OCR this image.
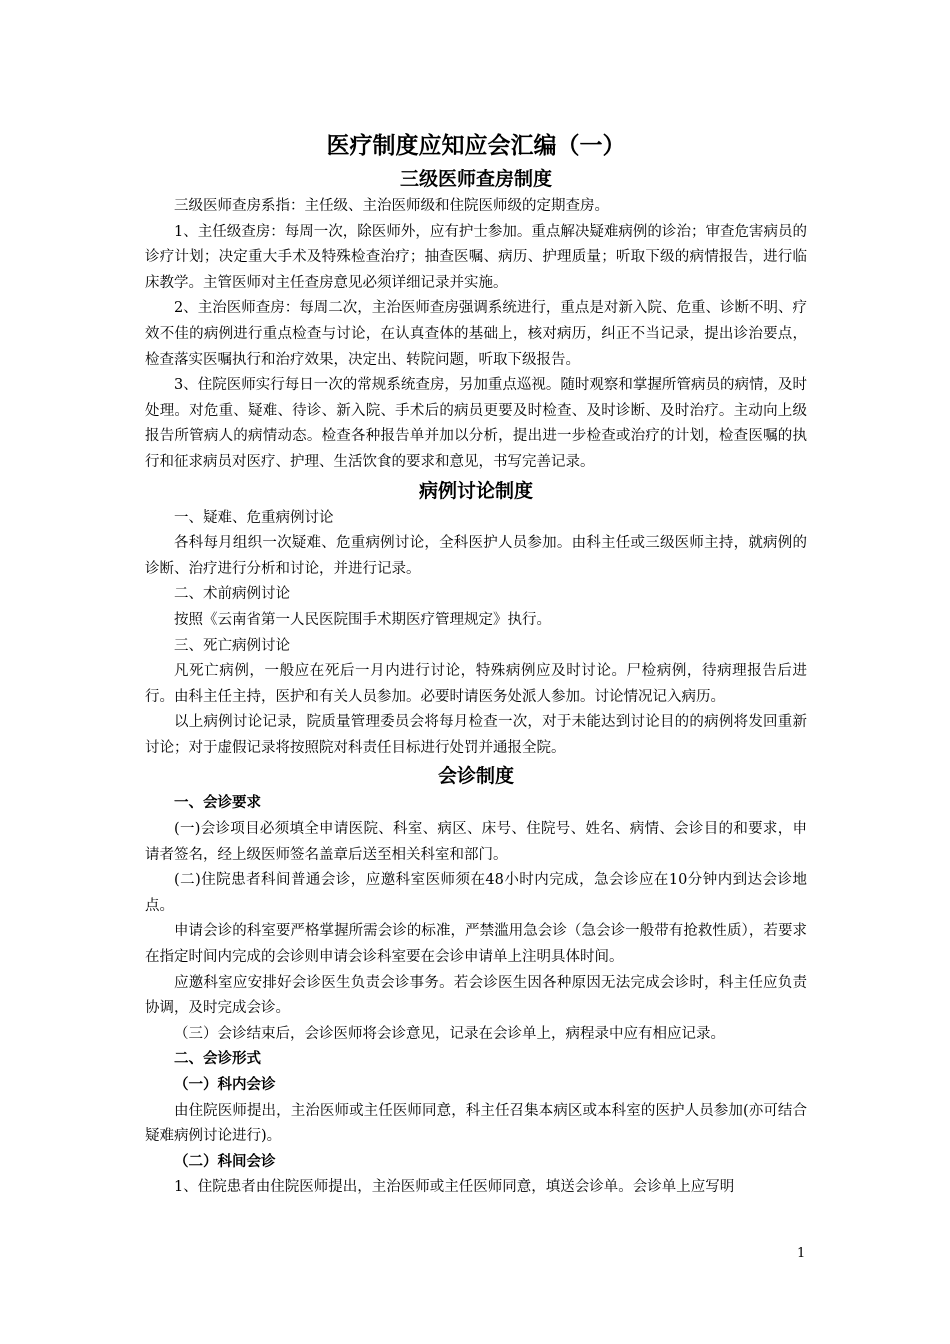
医疗制度应知应会汇编（一）
三级医师查房制度

三级医师查房系指：主任级、主治医师级和住院医师级的定期查房。

1、主任级查房：每周一次，除医师外，应有护士参加。重点解决疑难病例的诊治；审查危害病员的诊疗计划；决定重大手术及特殊检查治疗；抽查医嘱、病历、护理质量；听取下级的病情报告，进行临床教学。主管医师对主任查房意见必须详细记录并实施。

2、主治医师查房：每周二次，主治医师查房强调系统进行，重点是对新入院、危重、诊断不明、疗效不佳的病例进行重点检查与讨论，在认真查体的基础上，核对病历，纠正不当记录，提出诊治要点，检查落实医嘱执行和治疗效果，决定出、转院问题，听取下级报告。

3、住院医师实行每日一次的常规系统查房，另加重点巡视。随时观察和掌握所管病员的病情，及时处理。对危重、疑难、待诊、新入院、手术后的病员更要及时检查、及时诊断、及时治疗。主动向上级报告所管病人的病情动态。检查各种报告单并加以分析，提出进一步检查或治疗的计划，检查医嘱的执行和征求病员对医疗、护理、生活饮食的要求和意见，书写完善记录。

病例讨论制度

一、疑难、危重病例讨论

各科每月组织一次疑难、危重病例讨论，全科医护人员参加。由科主任或三级医师主持，就病例的诊断、治疗进行分析和讨论，并进行记录。

二、术前病例讨论

按照《云南省第一人民医院围手术期医疗管理规定》执行。

三、死亡病例讨论

凡死亡病例，一般应在死后一月内进行讨论，特殊病例应及时讨论。尸检病例，待病理报告后进行。由科主任主持，医护和有关人员参加。必要时请医务处派人参加。讨论情况记入病历。

以上病例讨论记录，院质量管理委员会将每月检查一次，对于未能达到讨论目的的病例将发回重新讨论；对于虚假记录将按照院对科责任目标进行处罚并通报全院。

会诊制度
一、会诊要求

(一)会诊项目必须填全申请医院、科室、病区、床号、住院号、姓名、病情、会诊目的和要求，申请者签名，经上级医师签名盖章后送至相关科室和部门。

(二)住院患者科间普通会诊，应邀科室医师须在48小时内完成，急会诊应在10分钟内到达会诊地点。

申请会诊的科室要严格掌握所需会诊的标准，严禁滥用急会诊（急会诊一般带有抢救性质），若要求在指定时间内完成的会诊则申请会诊科室要在会诊申请单上注明具体时间。

应邀科室应安排好会诊医生负责会诊事务。若会诊医生因各种原因无法完成会诊时，科主任应负责协调，及时完成会诊。

（三）会诊结束后，会诊医师将会诊意见，记录在会诊单上，病程录中应有相应记录。

二、会诊形式
（一）科内会诊

由住院医师提出，主治医师或主任医师同意，科主任召集本病区或本科室的医护人员参加(亦可结合疑难病例讨论进行)。

（二）科间会诊

1、住院患者由住院医师提出，主治医师或主任医师同意，填送会诊单。会诊单上应写明

1
